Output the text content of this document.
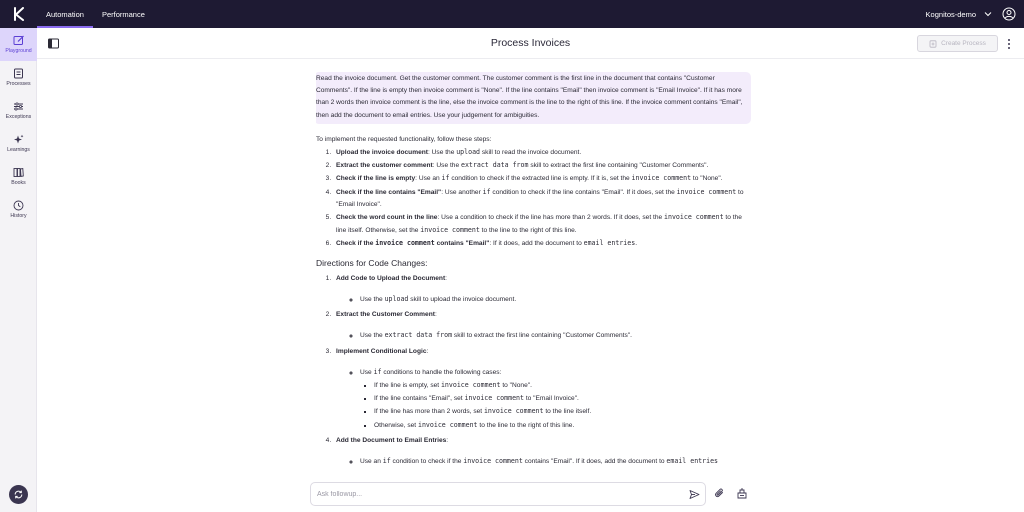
Automation	Performance	Kognitos-demo
Playground
Processes
Exceptions
Learnings
Books
History
Process Invoices	Create Process
Read the invoice document. Get the customer comment. The customer comment is the first line in the document that contains "Customer Comments". If the line is empty then invoice comment is "None". If the line contains "Email" then invoice comment is "Email Invoice". If it has more than 2 words then invoice comment is the line, else the invoice comment is the line to the right of this line. If the invoice comment contains "Email", then add the document to email entries. Use your judgement for ambiguities.
To implement the requested functionality, follow these steps:
1. Upload the invoice document: Use the upload skill to read the invoice document.
2. Extract the customer comment: Use the extract data from skill to extract the first line containing "Customer Comments".
3. Check if the line is empty: Use an if condition to check if the extracted line is empty. If it is, set the invoice comment to "None".
4. Check if the line contains "Email": Use another if condition to check if the line contains "Email". If it does, set the invoice comment to "Email Invoice".
5. Check the word count in the line: Use a condition to check if the line has more than 2 words. If it does, set the invoice comment to the line itself. Otherwise, set the invoice comment to the line to the right of this line.
6. Check if the invoice comment contains "Email": If it does, add the document to email entries.
Directions for Code Changes:
1. Add Code to Upload the Document:
◦ Use the upload skill to upload the invoice document.
2. Extract the Customer Comment:
◦ Use the extract data from skill to extract the first line containing "Customer Comments".
3. Implement Conditional Logic:
◦ Use if conditions to handle the following cases:
▪ If the line is empty, set invoice comment to "None".
▪ If the line contains "Email", set invoice comment to "Email Invoice".
▪ If the line has more than 2 words, set invoice comment to the line itself.
▪ Otherwise, set invoice comment to the line to the right of this line.
4. Add the Document to Email Entries:
◦ Use an if condition to check if the invoice comment contains "Email". If it does, add the document to email entries
Ask followup...
